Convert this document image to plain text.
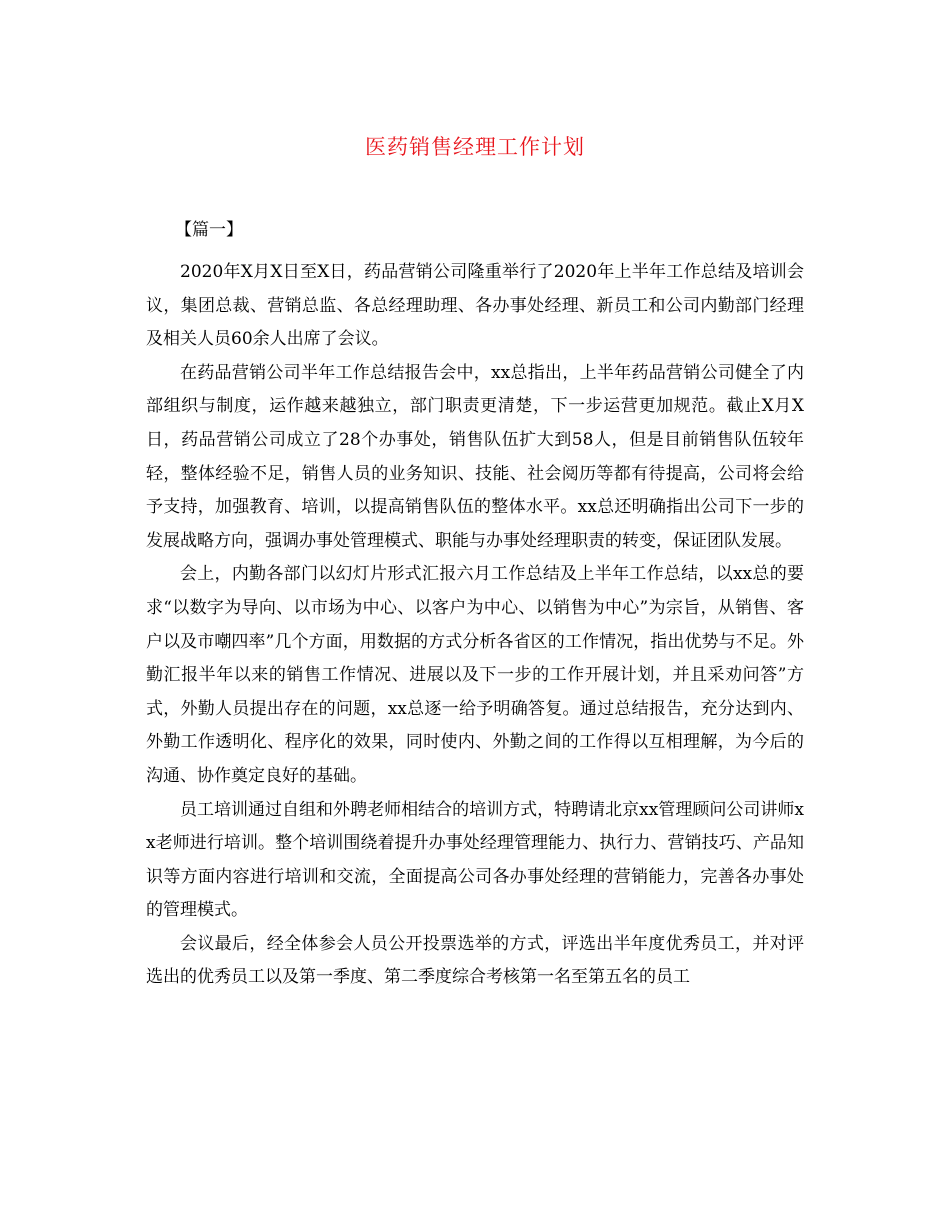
医药销售经理工作计划
【篇一】

2020年X月X日至X日，药品营销公司隆重举行了2020年上半年工作总结及培训会议，集团总裁、营销总监、各总经理助理、各办事处经理、新员工和公司内勤部门经理及相关人员60余人出席了会议。

在药品营销公司半年工作总结报告会中，xx总指出，上半年药品营销公司健全了内部组织与制度，运作越来越独立，部门职责更清楚，下一步运营更加规范。截止X月X日，药品营销公司成立了28个办事处，销售队伍扩大到58人，但是目前销售队伍较年轻，整体经验不足，销售人员的业务知识、技能、社会阅历等都有待提高，公司将会给予支持，加强教育、培训，以提高销售队伍的整体水平。xx总还明确指出公司下一步的发展战略方向，强调办事处管理模式、职能与办事处经理职责的转变，保证团队发展。

会上，内勤各部门以幻灯片形式汇报六月工作总结及上半年工作总结，以xx总的要求“以数字为导向、以市场为中心、以客户为中心、以销售为中心”为宗旨，从销售、客户以及市嘲四率”几个方面，用数据的方式分析各省区的工作情况，指出优势与不足。外勤汇报半年以来的销售工作情况、进展以及下一步的工作开展计划，并且采劝问答”方式，外勤人员提出存在的问题，xx总逐一给予明确答复。通过总结报告，充分达到内、外勤工作透明化、程序化的效果，同时使内、外勤之间的工作得以互相理解，为今后的沟通、协作奠定良好的基础。

员工培训通过自组和外聘老师相结合的培训方式，特聘请北京xx管理顾问公司讲师xx老师进行培训。整个培训围绕着提升办事处经理管理能力、执行力、营销技巧、产品知识等方面内容进行培训和交流，全面提高公司各办事处经理的营销能力，完善各办事处的管理模式。

会议最后，经全体参会人员公开投票选举的方式，评选出半年度优秀员工，并对评选出的优秀员工以及第一季度、第二季度综合考核第一名至第五名的员工
